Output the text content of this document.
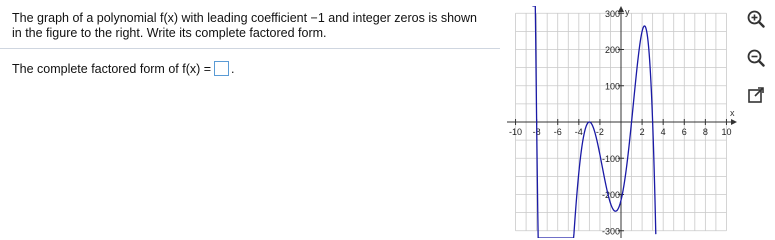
The graph of a polynomial f(x) with leading coefficient −1 and integer zeros is shown in the figure to the right. Write its complete factored form.
The complete factored form of f(x) = .
y
x
-10 -8 -6 -4 -2	2 4 6 8 10
300
200
100
-100
-200
-300
